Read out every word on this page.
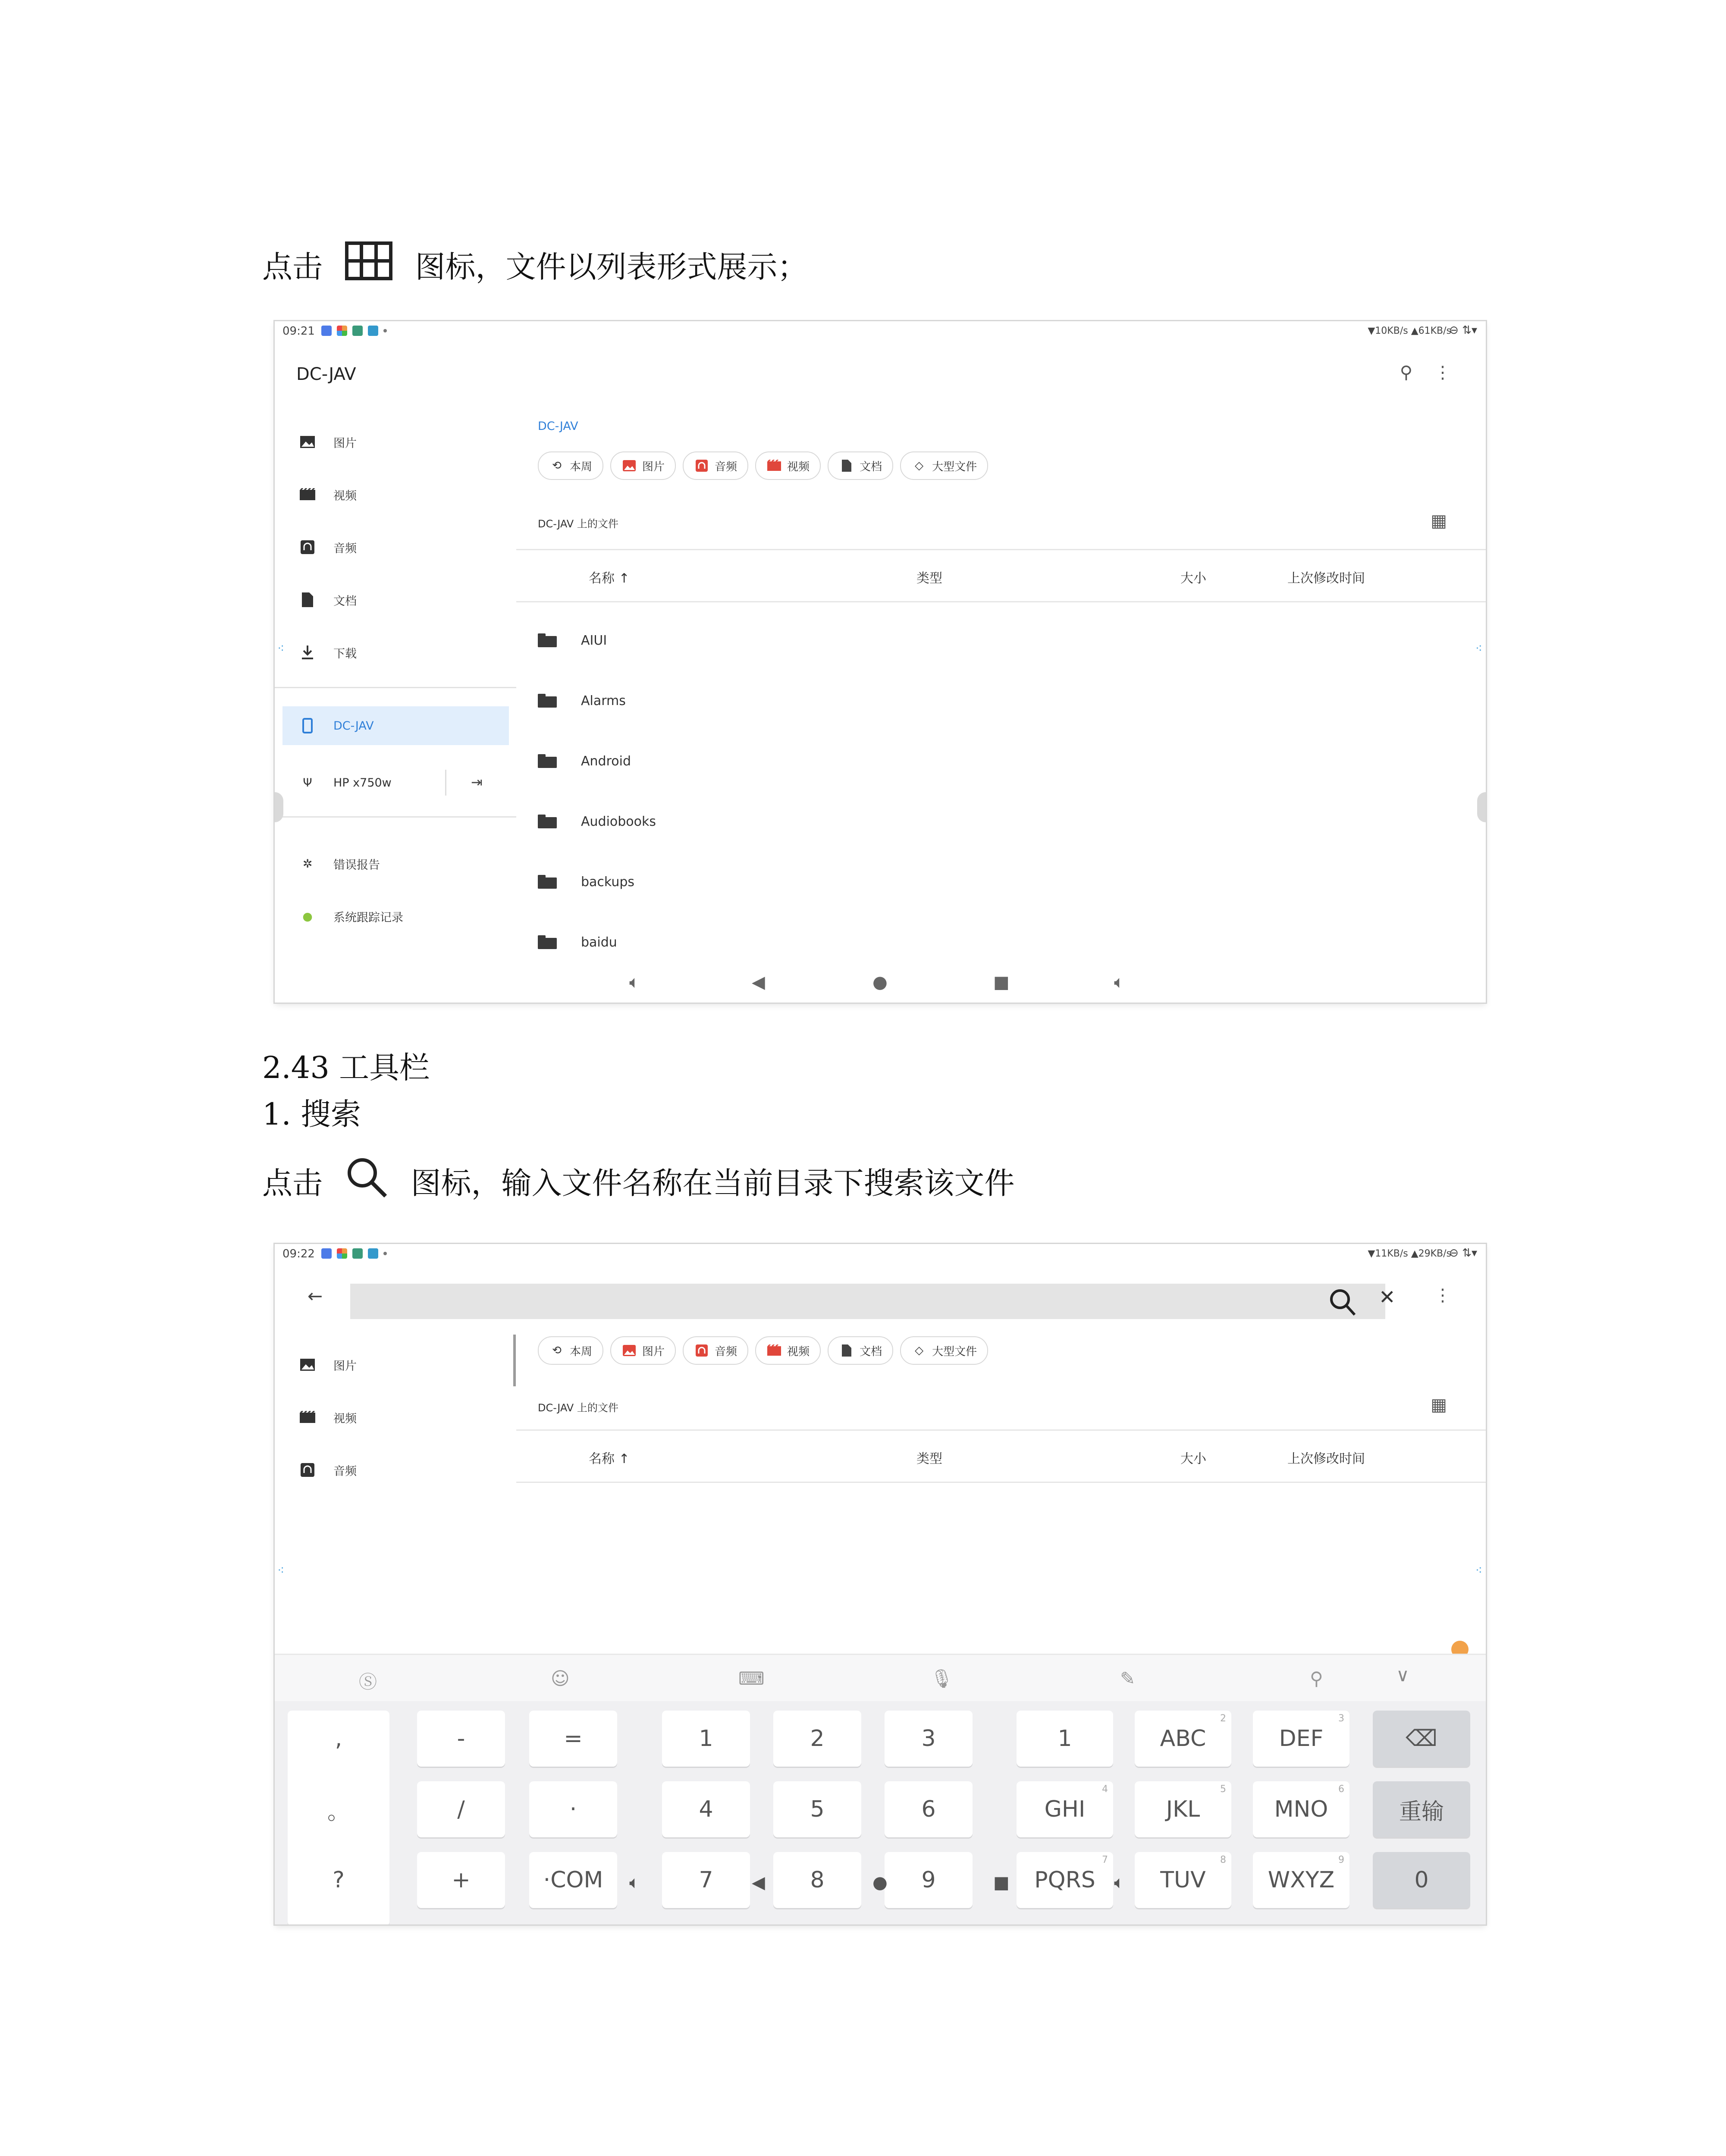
点击	图标，文件以列表形式展示；
09:21	▼10KB/s ▲61KB/s
⊖ ⇅▾
DC-JAV	⚲ ⋮
图片
视频
音频
文档
下载
DC-JAV
Ψ	HP x750w	⇥
✲	错误报告
●	系统跟踪记录
DC-JAV
⟲ 本周	图片	音频	视频	文档	◇ 大型文件
DC-JAV 上的文件	▦
名称 ↑	类型	大小	上次修改时间
AIUI
Alarms
Android
Audiobooks
backups
baidu
⁖	⁖
🔈︎	◀	●	■	🔈︎
2.43 工具栏
1. 搜索
点击	图标，输入文件名称在当前目录下搜索该文件
09:22	▼11KB/s ▲29KB/s
⊖ ⇅▾
←	✕ ⋮
图片
视频
音频
⟲ 本周	图片	音频	视频	文档	◇ 大型文件
DC-JAV 上的文件	▦
名称 ↑	类型	大小	上次修改时间
⁖	⁖
Ⓢ	☺	⌨	🎙︎	✎	⚲	∨
,
。
?
-	=
/	·
+	·COM
1	2	3
4	5	6
7	8	9
1	ABC
2
DEF
3
GHI
4
JKL
5
MNO
6
PQRS
7
TUV
8
WXYZ
9
⌫
重输
0
🔈︎	◀	●	■	🔈︎
